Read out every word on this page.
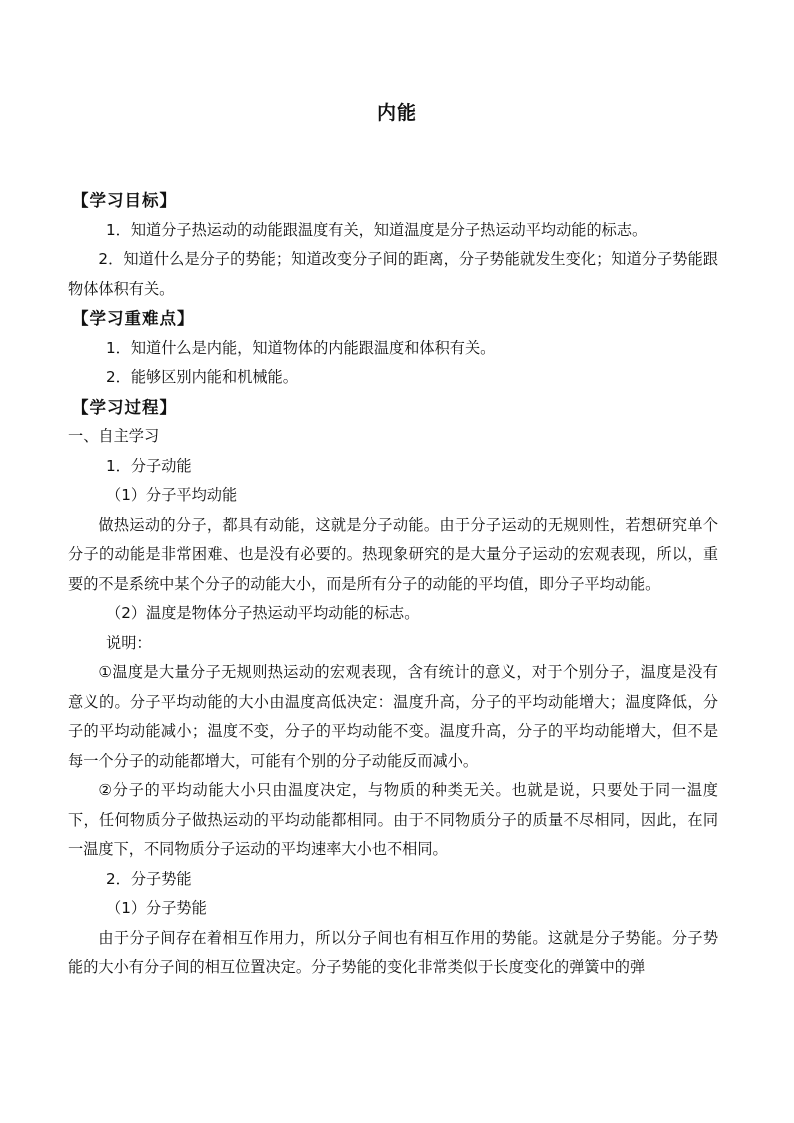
内能

【学习目标】

1．知道分子热运动的动能跟温度有关，知道温度是分子热运动平均动能的标志。

2．知道什么是分子的势能；知道改变分子间的距离，分子势能就发生变化；知道分子势能跟物体体积有关。

【学习重难点】

1．知道什么是内能，知道物体的内能跟温度和体积有关。

2．能够区别内能和机械能。

【学习过程】

一、自主学习

1．分子动能

（1）分子平均动能

做热运动的分子，都具有动能，这就是分子动能。由于分子运动的无规则性，若想研究单个分子的动能是非常困难、也是没有必要的。热现象研究的是大量分子运动的宏观表现，所以，重要的不是系统中某个分子的动能大小，而是所有分子的动能的平均值，即分子平均动能。

（2）温度是物体分子热运动平均动能的标志。

说明：

①温度是大量分子无规则热运动的宏观表现，含有统计的意义，对于个别分子，温度是没有意义的。分子平均动能的大小由温度高低决定：温度升高，分子的平均动能增大；温度降低，分子的平均动能减小；温度不变，分子的平均动能不变。温度升高，分子的平均动能增大，但不是每一个分子的动能都增大，可能有个别的分子动能反而减小。

②分子的平均动能大小只由温度决定，与物质的种类无关。也就是说，只要处于同一温度下，任何物质分子做热运动的平均动能都相同。由于不同物质分子的质量不尽相同，因此，在同一温度下，不同物质分子运动的平均速率大小也不相同。

2．分子势能

（1）分子势能

由于分子间存在着相互作用力，所以分子间也有相互作用的势能。这就是分子势能。分子势能的大小有分子间的相互位置决定。分子势能的变化非常类似于长度变化的弹簧中的弹
